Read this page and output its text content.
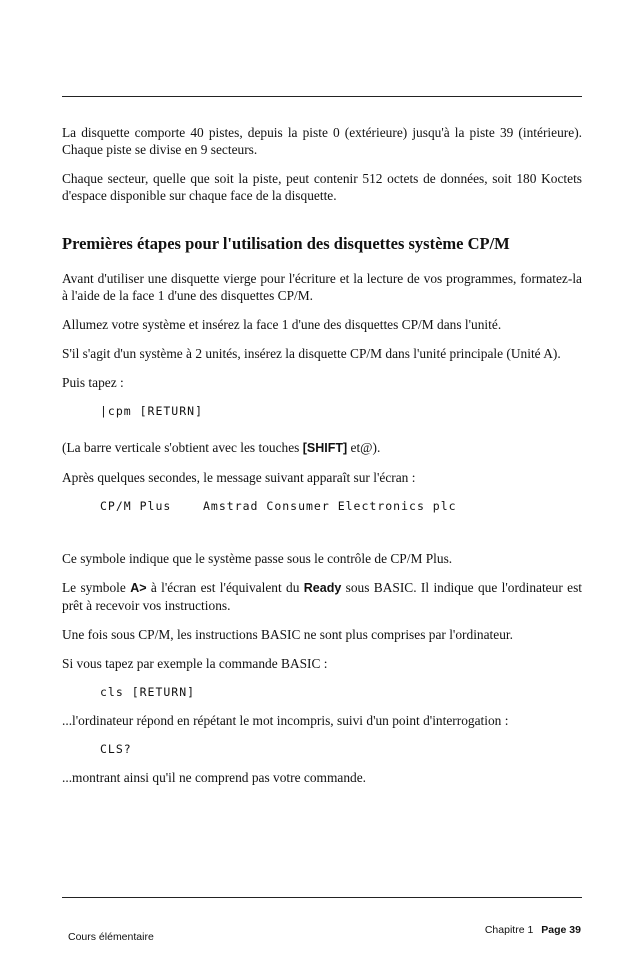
La disquette comporte 40 pistes, depuis la piste 0 (extérieure) jusqu'à la piste 39 (intérieure). Chaque piste se divise en 9 secteurs.

Chaque secteur, quelle que soit la piste, peut contenir 512 octets de données, soit 180 Koctets d'espace disponible sur chaque face de la disquette.

Premières étapes pour l'utilisation des disquettes système CP/M

Avant d'utiliser une disquette vierge pour l'écriture et la lecture de vos programmes, formatez-la à l'aide de la face 1 d'une des disquettes CP/M.

Allumez votre système et insérez la face 1 d'une des disquettes CP/M dans l'unité.

S'il s'agit d'un système à 2 unités, insérez la disquette CP/M dans l'unité principale (Unité A).

Puis tapez :

|cpm [RETURN]

(La barre verticale s'obtient avec les touches [SHIFT] et@).

Après quelques secondes, le message suivant apparaît sur l'écran :

CP/M Plus    Amstrad Consumer Electronics plc

Ce symbole indique que le système passe sous le contrôle de CP/M Plus.

Le symbole A> à l'écran est l'équivalent du Ready sous BASIC. Il indique que l'ordinateur est prêt à recevoir vos instructions.

Une fois sous CP/M, les instructions BASIC ne sont plus comprises par l'ordinateur.

Si vous tapez par exemple la commande BASIC :

cls [RETURN]

...l'ordinateur répond en répétant le mot incompris, suivi d'un point d'interrogation :

CLS?

...montrant ainsi qu'il ne comprend pas votre commande.

Cours élémentaire
Chapitre 1 Page 39
